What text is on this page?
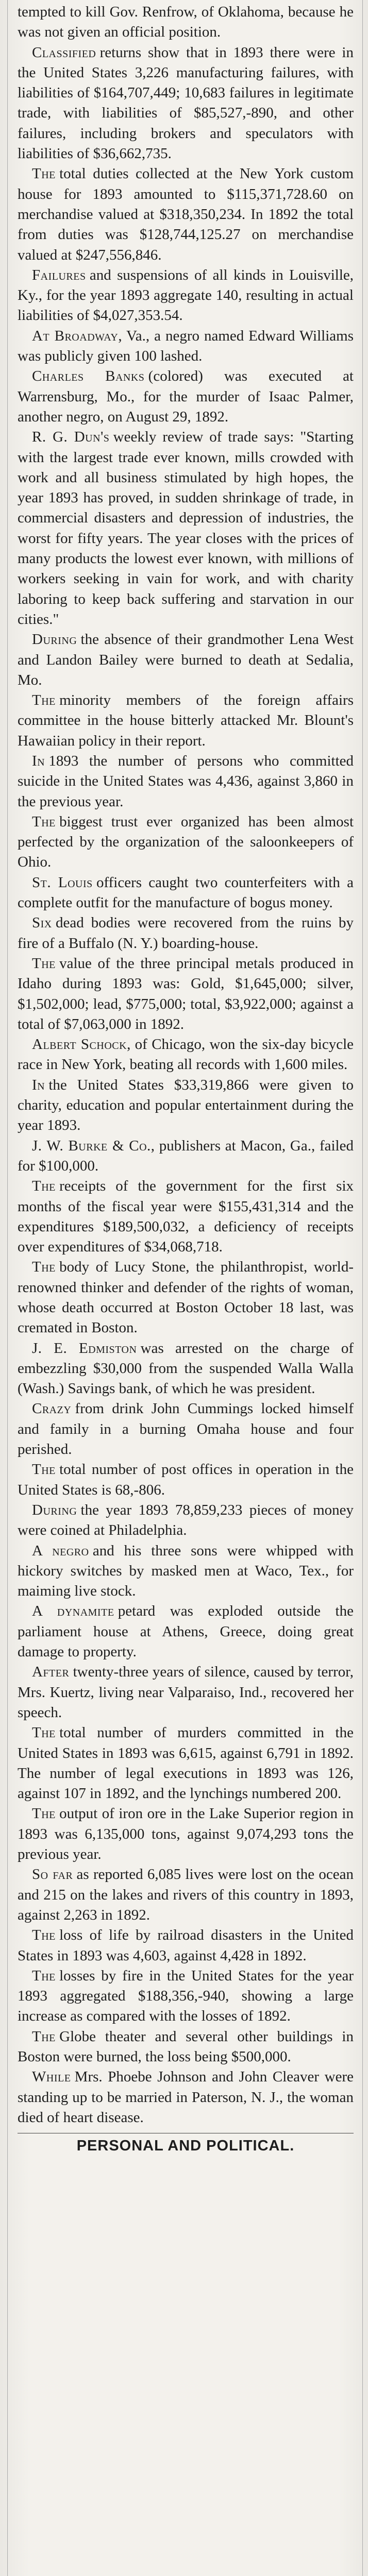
tempted to kill Gov. Renfrow, of Oklahoma, because he was not given an official position.

Classified returns show that in 1893 there were in the United States 3,226 manufacturing failures, with liabilities of $164,707,449; 10,683 failures in legitimate trade, with liabilities of $85,527,-890, and other failures, including brokers and speculators with liabilities of $36,662,735.

The total duties collected at the New York custom house for 1893 amounted to $115,371,728.60 on merchandise valued at $318,350,234. In 1892 the total from duties was $128,744,125.27 on merchandise valued at $247,556,846.

Failures and suspensions of all kinds in Louisville, Ky., for the year 1893 aggregate 140, resulting in actual liabilities of $4,027,353.54.

At Broadway, Va., a negro named Edward Williams was publicly given 100 lashed.

Charles Banks (colored) was executed at Warrensburg, Mo., for the murder of Isaac Palmer, another negro, on August 29, 1892.

R. G. Dun's weekly review of trade says: "Starting with the largest trade ever known, mills crowded with work and all business stimulated by high hopes, the year 1893 has proved, in sudden shrinkage of trade, in commercial disasters and depression of industries, the worst for fifty years. The year closes with the prices of many products the lowest ever known, with millions of workers seeking in vain for work, and with charity laboring to keep back suffering and starvation in our cities."

During the absence of their grandmother Lena West and Landon Bailey were burned to death at Sedalia, Mo.

The minority members of the foreign affairs committee in the house bitterly attacked Mr. Blount's Hawaiian policy in their report.

In 1893 the number of persons who committed suicide in the United States was 4,436, against 3,860 in the previous year.

The biggest trust ever organized has been almost perfected by the organization of the saloonkeepers of Ohio.

St. Louis officers caught two counterfeiters with a complete outfit for the manufacture of bogus money.

Six dead bodies were recovered from the ruins by fire of a Buffalo (N. Y.) boarding-house.

The value of the three principal metals produced in Idaho during 1893 was: Gold, $1,645,000; silver, $1,502,000; lead, $775,000; total, $3,922,000; against a total of $7,063,000 in 1892.

Albert Schock, of Chicago, won the six-day bicycle race in New York, beating all records with 1,600 miles.

In the United States $33,319,866 were given to charity, education and popular entertainment during the year 1893.

J. W. Burke & Co., publishers at Macon, Ga., failed for $100,000.

The receipts of the government for the first six months of the fiscal year were $155,431,314 and the expenditures $189,500,032, a deficiency of receipts over expenditures of $34,068,718.

The body of Lucy Stone, the philanthropist, world-renowned thinker and defender of the rights of woman, whose death occurred at Boston October 18 last, was cremated in Boston.

J. E. Edmiston was arrested on the charge of embezzling $30,000 from the suspended Walla Walla (Wash.) Savings bank, of which he was president.

Crazy from drink John Cummings locked himself and family in a burning Omaha house and four perished.

The total number of post offices in operation in the United States is 68,-806.

During the year 1893 78,859,233 pieces of money were coined at Philadelphia.

A negro and his three sons were whipped with hickory switches by masked men at Waco, Tex., for maiming live stock.

A dynamite petard was exploded outside the parliament house at Athens, Greece, doing great damage to property.

After twenty-three years of silence, caused by terror, Mrs. Kuertz, living near Valparaiso, Ind., recovered her speech.

The total number of murders committed in the United States in 1893 was 6,615, against 6,791 in 1892. The number of legal executions in 1893 was 126, against 107 in 1892, and the lynchings numbered 200.

The output of iron ore in the Lake Superior region in 1893 was 6,135,000 tons, against 9,074,293 tons the previous year.

So far as reported 6,085 lives were lost on the ocean and 215 on the lakes and rivers of this country in 1893, against 2,263 in 1892.

The loss of life by railroad disasters in the United States in 1893 was 4,603, against 4,428 in 1892.

The losses by fire in the United States for the year 1893 aggregated $188,356,-940, showing a large increase as compared with the losses of 1892.

The Globe theater and several other buildings in Boston were burned, the loss being $500,000.

While Mrs. Phoebe Johnson and John Cleaver were standing up to be married in Paterson, N. J., the woman died of heart disease.

PERSONAL AND POLITICAL.
